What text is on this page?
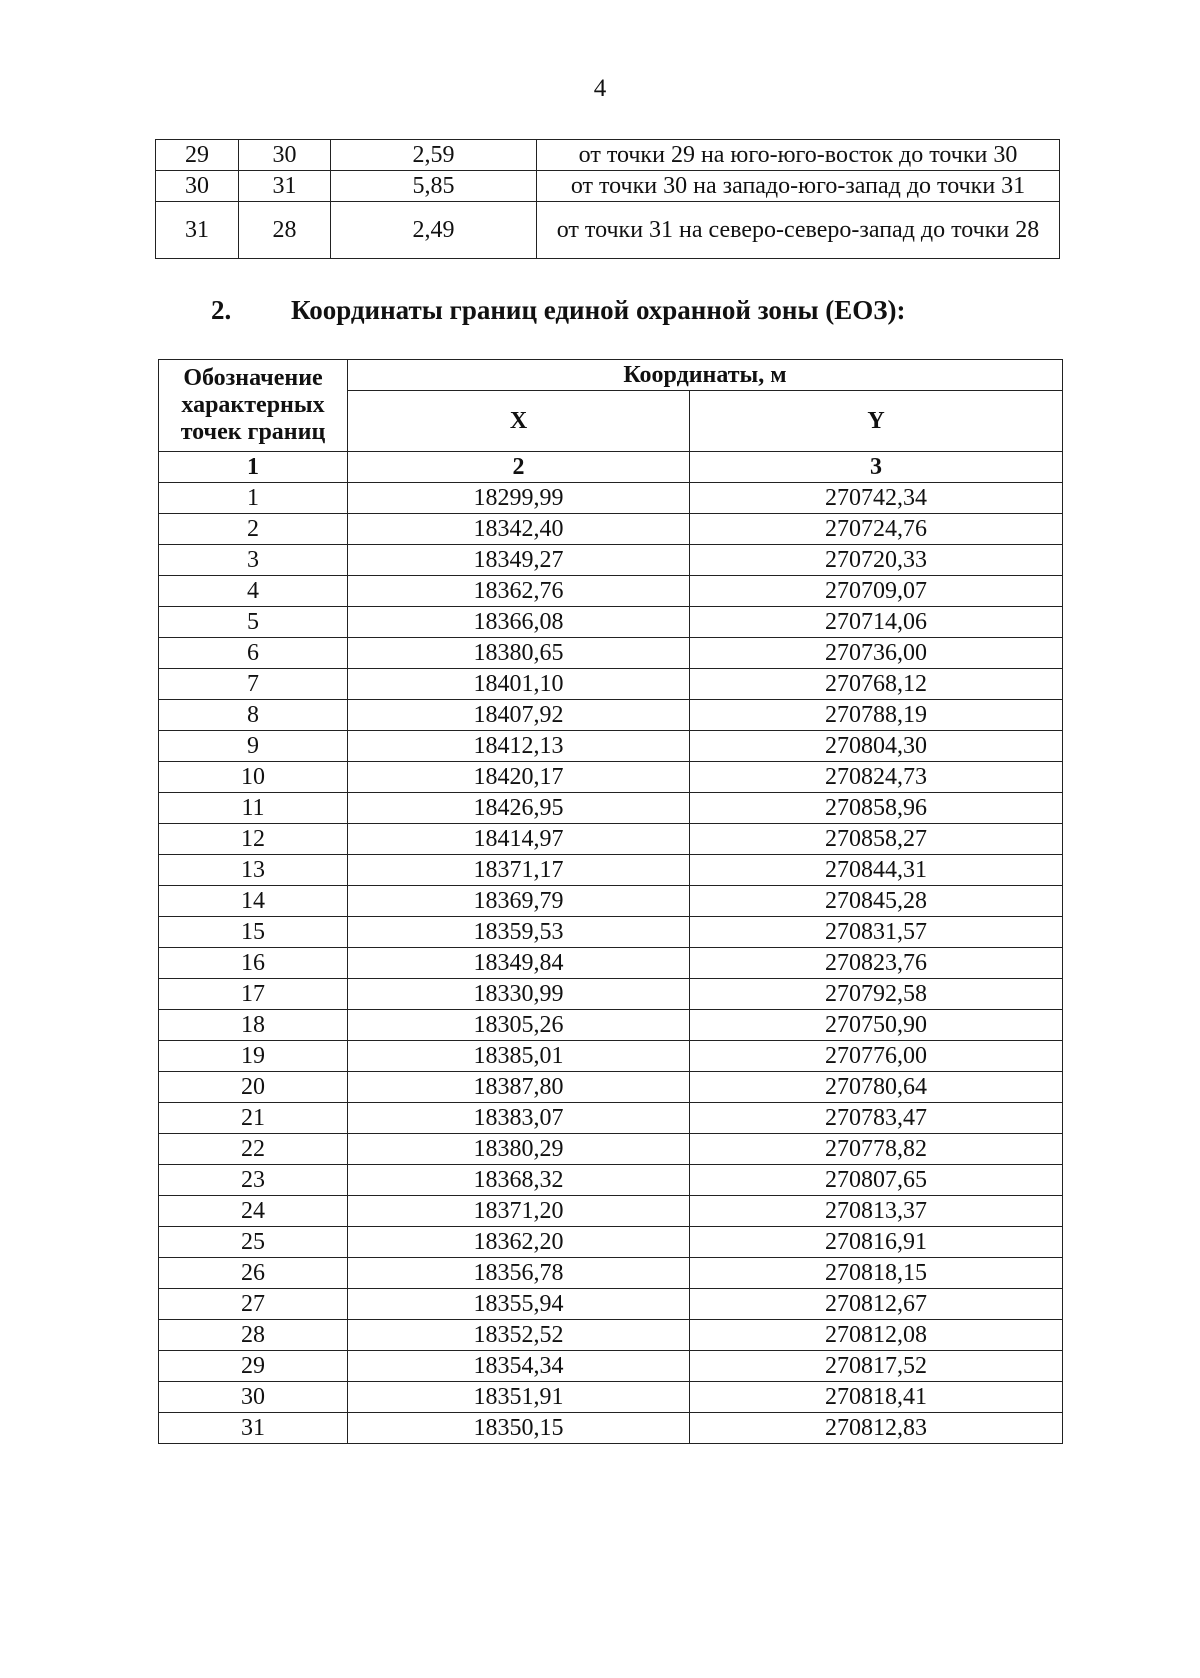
4
29	30	2,59	от точки 29 на юго-юго-восток до точки 30
30	31	5,85	от точки 30 на западо-юго-запад до точки 31
31	28	2,49	от точки 31 на северо-северо-запад до точки 28
2. Координаты границ единой охранной зоны (ЕОЗ):
Обозначение характерных точек границ	Координаты, м	
	X	Y
1	2	3
1	18299,99	270742,34
2	18342,40	270724,76
3	18349,27	270720,33
4	18362,76	270709,07
5	18366,08	270714,06
6	18380,65	270736,00
7	18401,10	270768,12
8	18407,92	270788,19
9	18412,13	270804,30
10	18420,17	270824,73
11	18426,95	270858,96
12	18414,97	270858,27
13	18371,17	270844,31
14	18369,79	270845,28
15	18359,53	270831,57
16	18349,84	270823,76
17	18330,99	270792,58
18	18305,26	270750,90
19	18385,01	270776,00
20	18387,80	270780,64
21	18383,07	270783,47
22	18380,29	270778,82
23	18368,32	270807,65
24	18371,20	270813,37
25	18362,20	270816,91
26	18356,78	270818,15
27	18355,94	270812,67
28	18352,52	270812,08
29	18354,34	270817,52
30	18351,91	270818,41
31	18350,15	270812,83
